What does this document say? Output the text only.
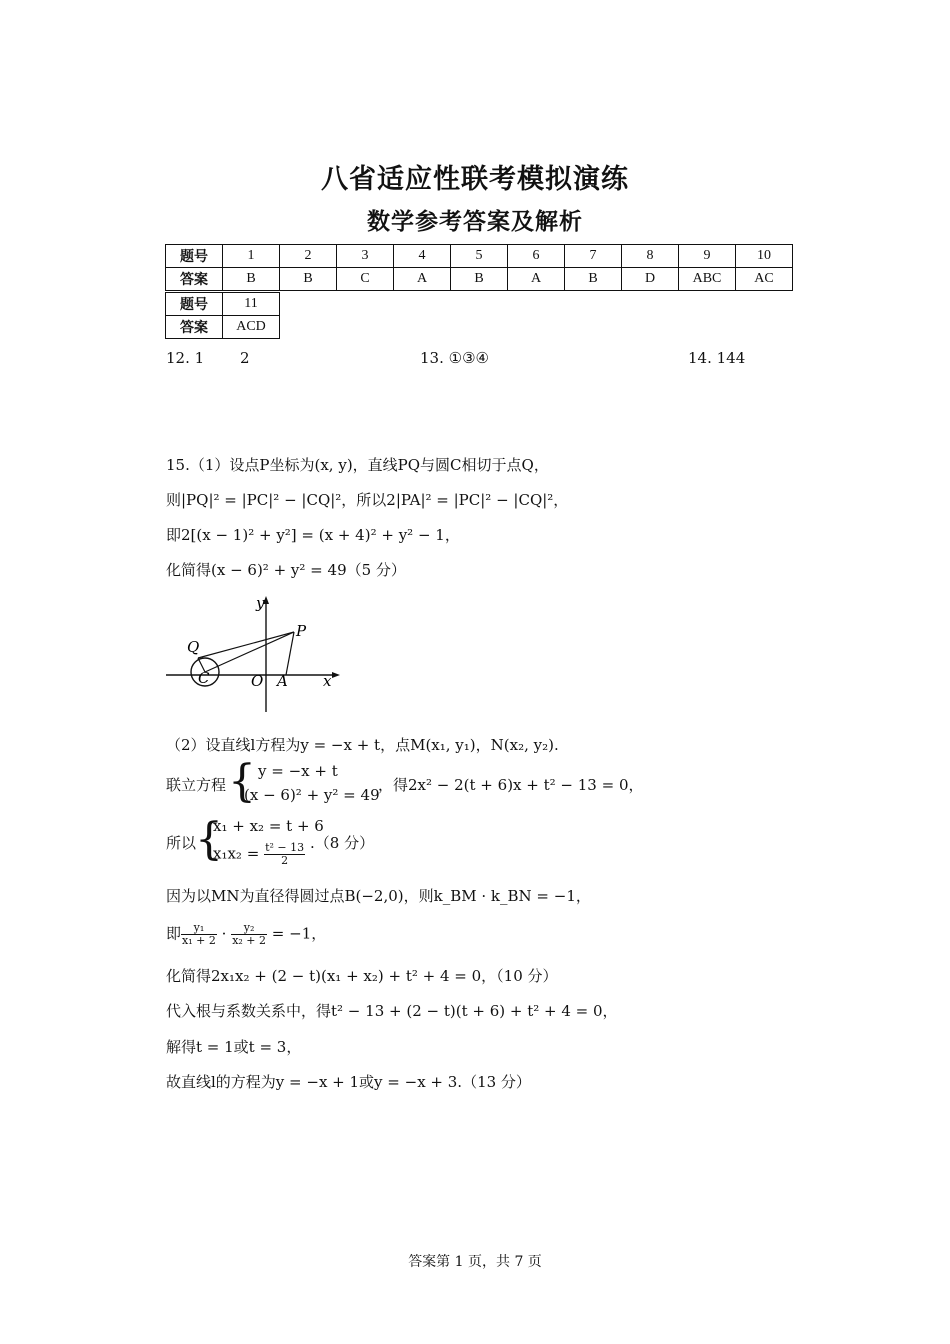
八省适应性联考模拟演练
数学参考答案及解析
题号	1	2	3	4	5	6	7	8	9	10
答案	B	B	C	A	B	A	B	D	ABC	AC
题号	11
答案	ACD
12. 1 2	13. ①③④	14. 144
15.（1）设点P坐标为(x, y)，直线PQ与圆C相切于点Q，
则|PQ|² = |PC|² − |CQ|²，所以2|PA|² = |PC|² − |CQ|²，
即2[(x − 1)² + y²] = (x + 4)² + y² − 1，
化简得(x − 6)² + y² = 49（5 分）
y
P
Q
C	O A x
（2）设直线l方程为y = −x + t，点M(x₁, y₁)，N(x₂, y₂).
联立方程 { y = −x + t
(x − 6)² + y² = 49
，得2x² − 2(t + 6)x + t² − 13 = 0，
所以
{
x₁ + x₂ = t + 6
$x_1x_2 = \frac{\text{t² − 13}}{2} .(8$ 分）
因为以MN为直径得圆过点B(−2,0)，则k_BM · k_BN = −1，
即 $\frac{\text{y₁}}{\text{x₁ + 2}} \cdot \frac{\text{y₂}}{\text{x₂ + 2}} = -1$，
化简得2x₁x₂ + (2 − t)(x₁ + x₂) + t² + 4 = 0，（10 分）
代入根与系数关系中，得t² − 13 + (2 − t)(t + 6) + t² + 4 = 0，
解得t = 1或t = 3，
故直线l的方程为y = −x + 1或y = −x + 3.（13 分）
答案第 1 页，共 7 页
